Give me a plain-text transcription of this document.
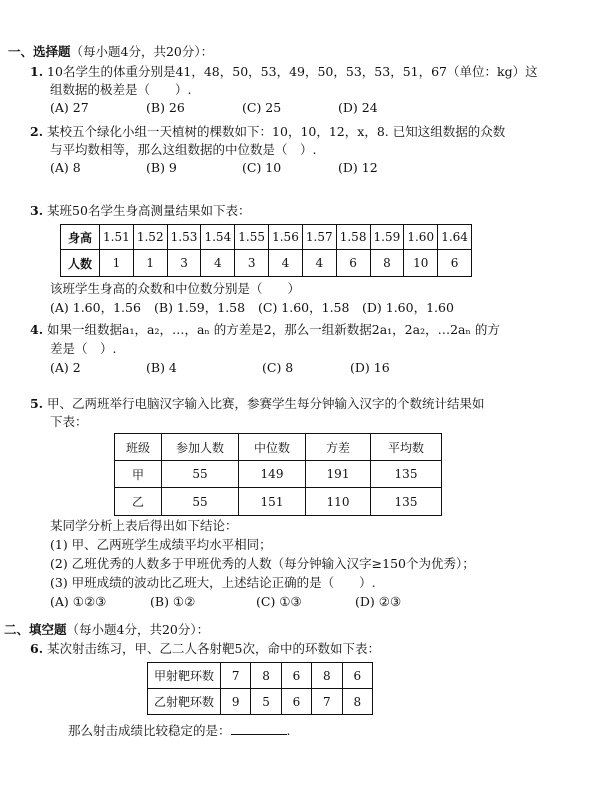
一、选择题（每小题4分，共20分）：
1. 10名学生的体重分别是41，48，50，53，49，50，53，53，51，67（单位：kg）这
组数据的极差是（　　）.
(A) 27	(B) 26	(C) 25	(D) 24
2. 某校五个绿化小组一天植树的棵数如下：10，10，12，x，8. 已知这组数据的众数
与平均数相等，那么这组数据的中位数是（　）.
(A) 8	(B) 9	(C) 10	(D) 12
3. 某班50名学生身高测量结果如下表：
身高	1.51	1.52	1.53	1.54	1.55	1.56	1.57	1.58	1.59	1.60	1.64
人数	1	1	3	4	3	4	4	6	8	10	6
该班学生身高的众数和中位数分别是（　　）
(A) 1.60，1.56 (B) 1.59，1.58 (C) 1.60，1.58 (D) 1.60，1.60
4. 如果一组数据a₁，a₂，…，aₙ 的方差是2，那么一组新数据2a₁，2a₂，…2aₙ 的方
差是（　）.
(A) 2	(B) 4	(C) 8	(D) 16
5. 甲、乙两班举行电脑汉字输入比赛，参赛学生每分钟输入汉字的个数统计结果如
下表：
班级	参加人数	中位数	方差	平均数
甲	55	149	191	135
乙	55	151	110	135
某同学分析上表后得出如下结论：
(1) 甲、乙两班学生成绩平均水平相同；
(2) 乙班优秀的人数多于甲班优秀的人数（每分钟输入汉字≥150个为优秀）；
(3) 甲班成绩的波动比乙班大，上述结论正确的是（　　）.
(A) ①②③	(B) ①②	(C) ①③	(D) ②③
二、填空题（每小题4分，共20分）：
6. 某次射击练习，甲、乙二人各射靶5次，命中的环数如下表：
甲射靶环数	7	8	6	8	6
乙射靶环数	9	5	6	7	8
那么射击成绩比较稳定的是：	.
